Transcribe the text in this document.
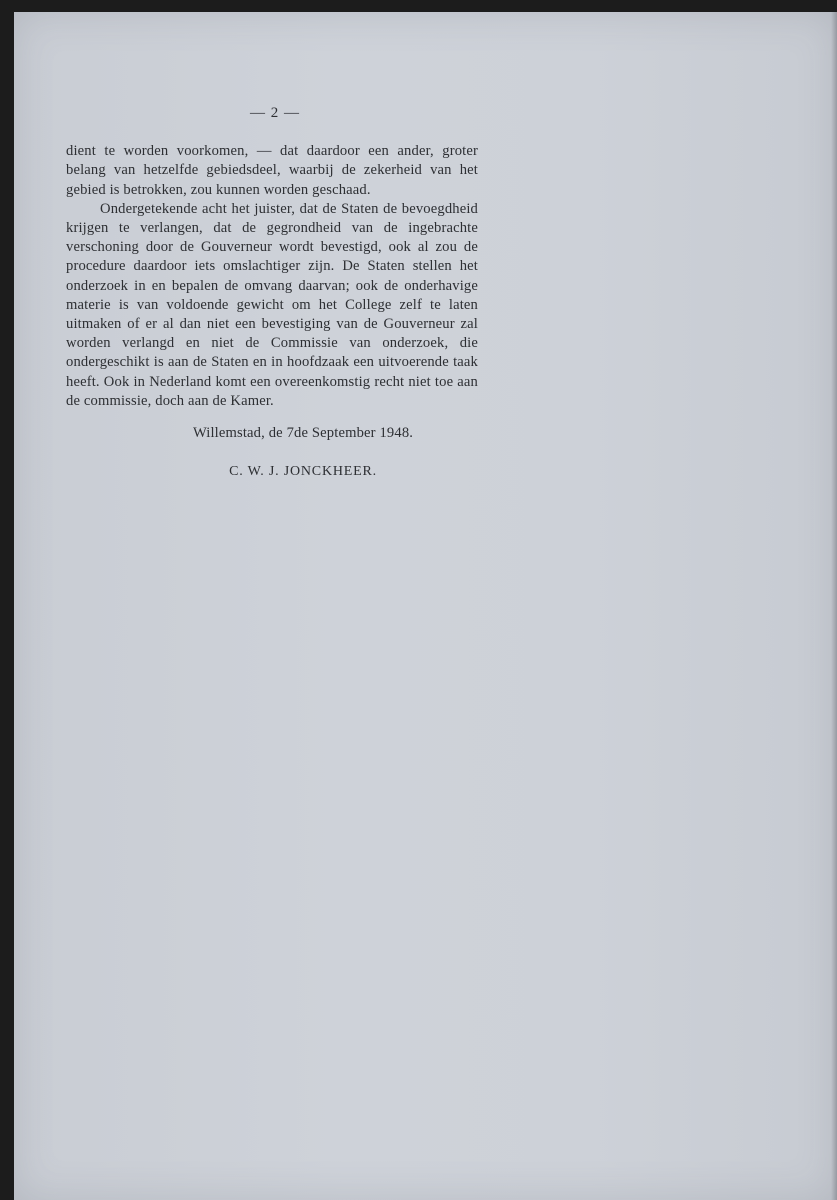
— 2 —

dient te worden voorkomen, — dat daardoor een ander, groter belang van hetzelfde gebiedsdeel, waarbij de zekerheid van het gebied is betrokken, zou kunnen worden geschaad.

Ondergetekende acht het juister, dat de Staten de bevoegdheid krijgen te verlangen, dat de gegrondheid van de ingebrachte verschoning door de Gouverneur wordt bevestigd, ook al zou de procedure daardoor iets omslachtiger zijn. De Staten stellen het onderzoek in en bepalen de omvang daarvan; ook de onderhavige materie is van voldoende gewicht om het College zelf te laten uitmaken of er al dan niet een bevestiging van de Gouverneur zal worden verlangd en niet de Commissie van onderzoek, die ondergeschikt is aan de Staten en in hoofdzaak een uitvoerende taak heeft. Ook in Nederland komt een overeenkomstig recht niet toe aan de commissie, doch aan de Kamer.

Willemstad, de 7de September 1948.

C. W. J. JONCKHEER.
